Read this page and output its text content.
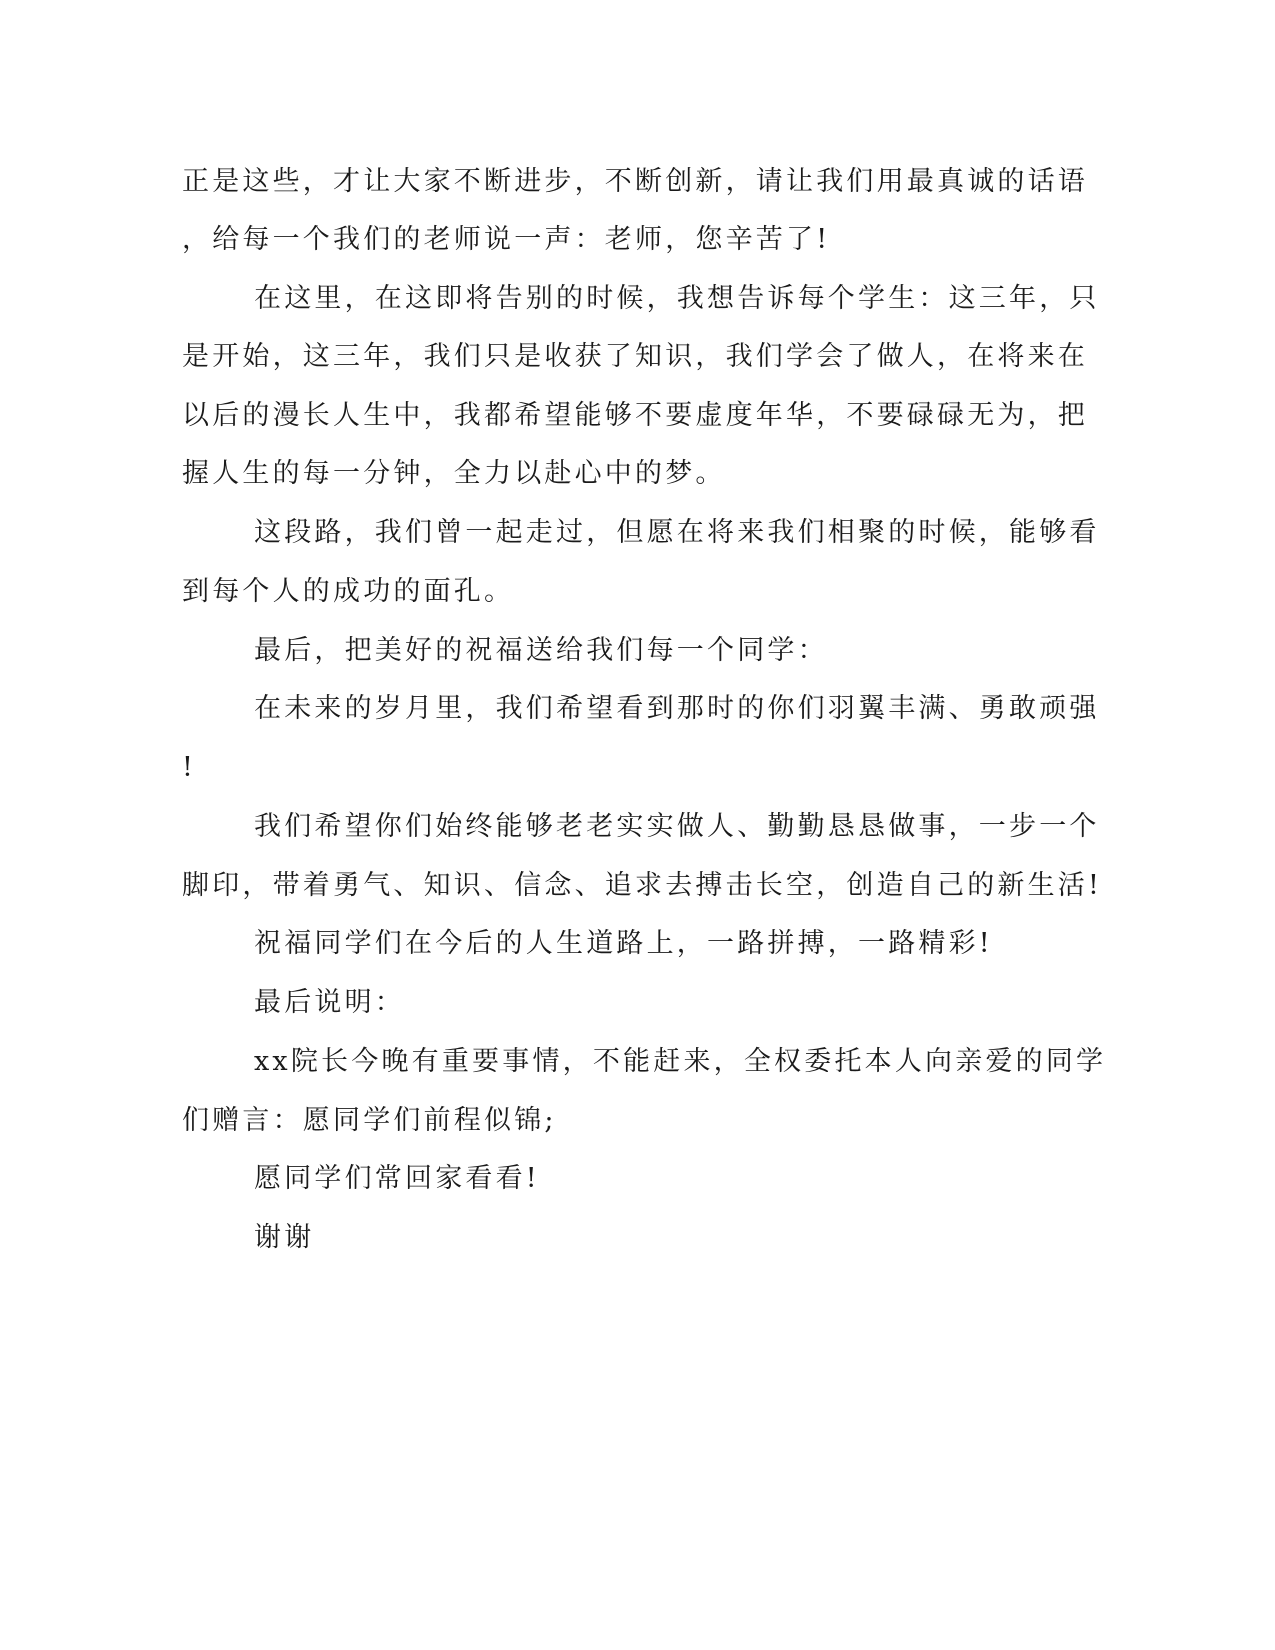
正是这些，才让大家不断进步，不断创新，请让我们用最真诚的话语
，给每一个我们的老师说一声：老师，您辛苦了!
在这里，在这即将告别的时候，我想告诉每个学生：这三年，只
是开始，这三年，我们只是收获了知识，我们学会了做人，在将来在
以后的漫长人生中，我都希望能够不要虚度年华，不要碌碌无为，把
握人生的每一分钟，全力以赴心中的梦。
这段路，我们曾一起走过，但愿在将来我们相聚的时候，能够看
到每个人的成功的面孔。
最后，把美好的祝福送给我们每一个同学：
在未来的岁月里，我们希望看到那时的你们羽翼丰满、勇敢顽强
!
我们希望你们始终能够老老实实做人、勤勤恳恳做事，一步一个
脚印，带着勇气、知识、信念、追求去搏击长空，创造自己的新生活!
祝福同学们在今后的人生道路上，一路拼搏，一路精彩!
最后说明：
xx院长今晚有重要事情，不能赶来，全权委托本人向亲爱的同学
们赠言：愿同学们前程似锦;
愿同学们常回家看看!
谢谢
